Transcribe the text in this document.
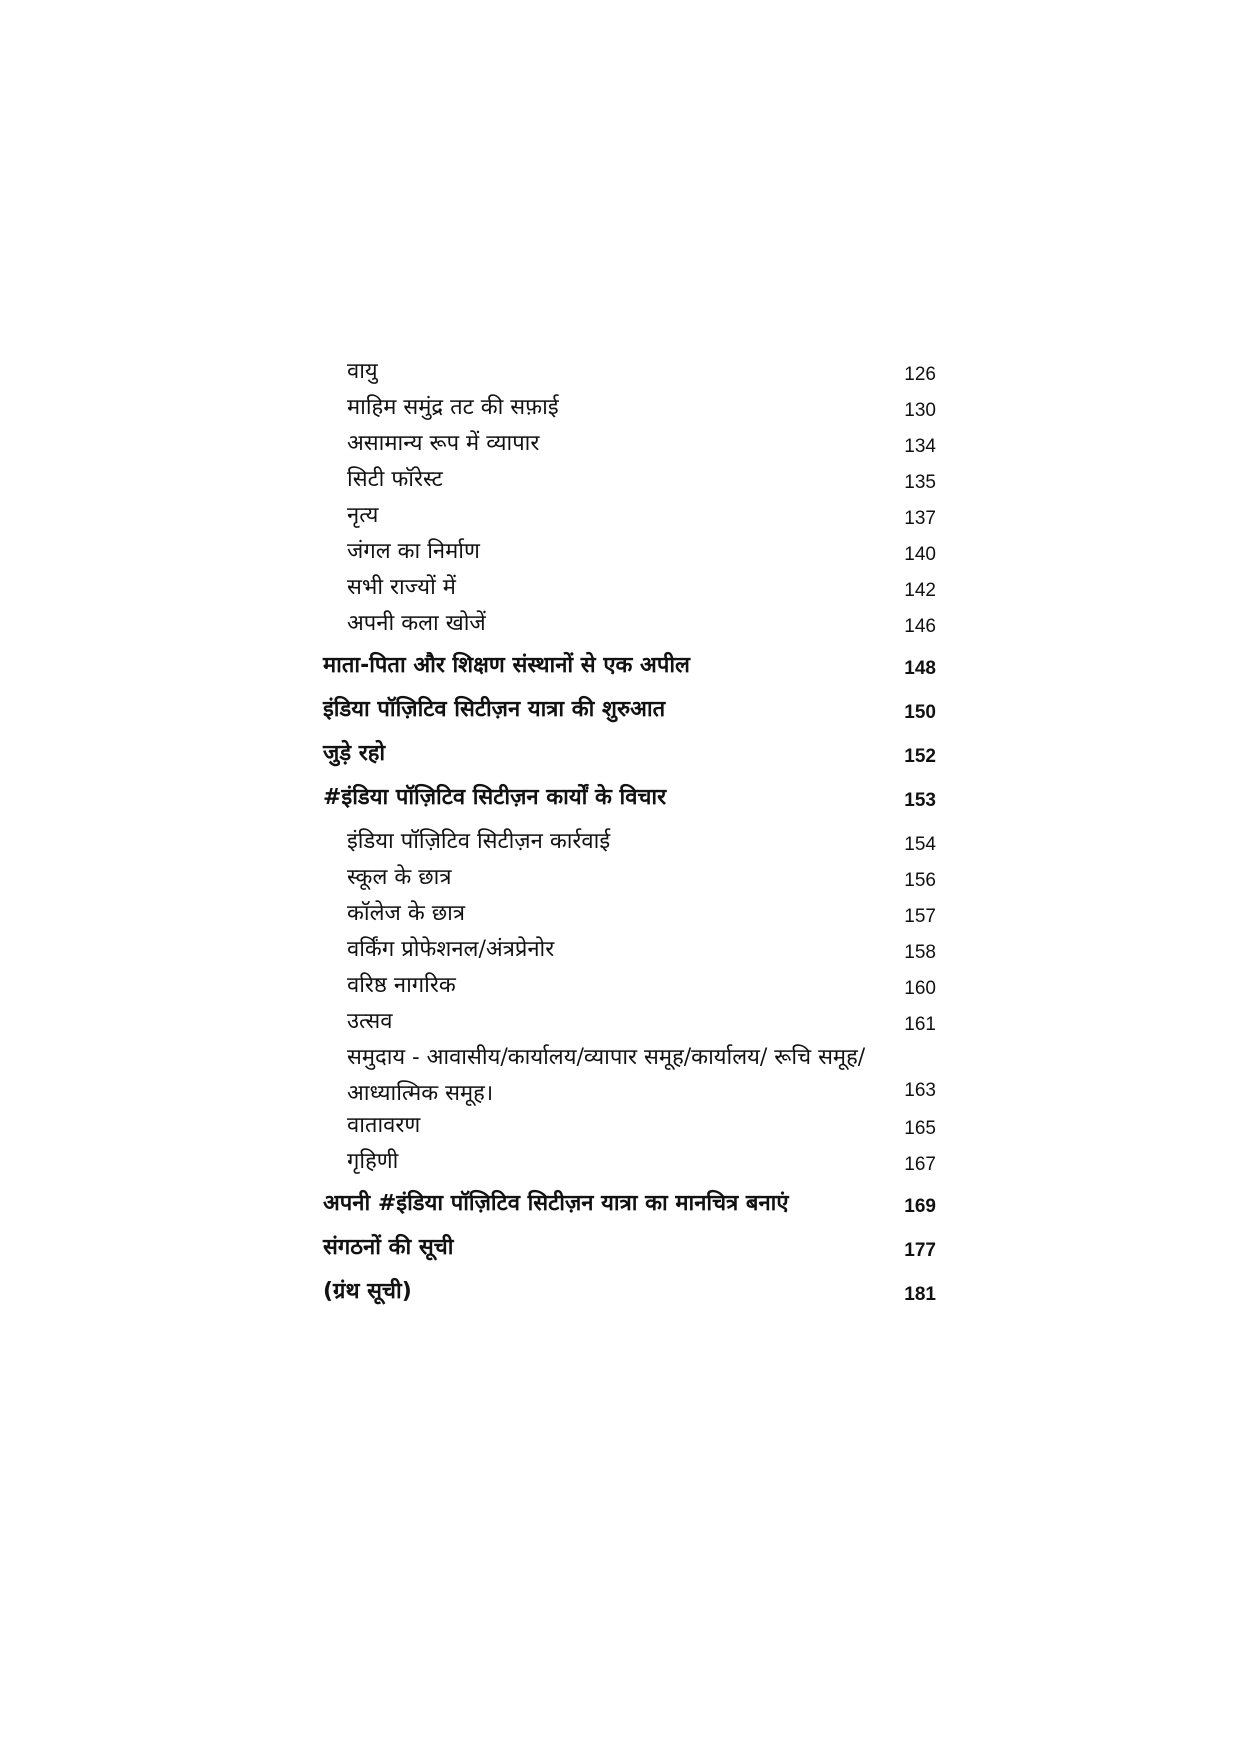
वायु	126
माहिम समुंद्र तट की सफ़ाई	130
असामान्य रूप में व्यापार	134
सिटी फॉरेस्ट	135
नृत्य	137
जंगल का निर्माण	140
सभी राज्यों में	142
अपनी कला खोजें	146
माता-पिता और शिक्षण संस्थानों से एक अपील	148
इंडिया पॉज़िटिव सिटीज़न यात्रा की शुरुआत	150
जुड़े रहो	152
#इंडिया पॉज़िटिव सिटीज़न कार्यों के विचार	153
इंडिया पॉज़िटिव सिटीज़न कार्रवाई	154
स्कूल के छात्र	156
कॉलेज के छात्र	157
वर्किंग प्रोफेशनल/अंत्रप्रेनोर	158
वरिष्ठ नागरिक	160
उत्सव	161
समुदाय - आवासीय/कार्यालय/व्यापार समूह/कार्यालय/ रूचि समूह/आध्यात्मिक समूह।	163
वातावरण	165
गृहिणी	167
अपनी #इंडिया पॉज़िटिव सिटीज़न यात्रा का मानचित्र बनाएं	169
संगठनों की सूची	177
(ग्रंथ सूची)	181
